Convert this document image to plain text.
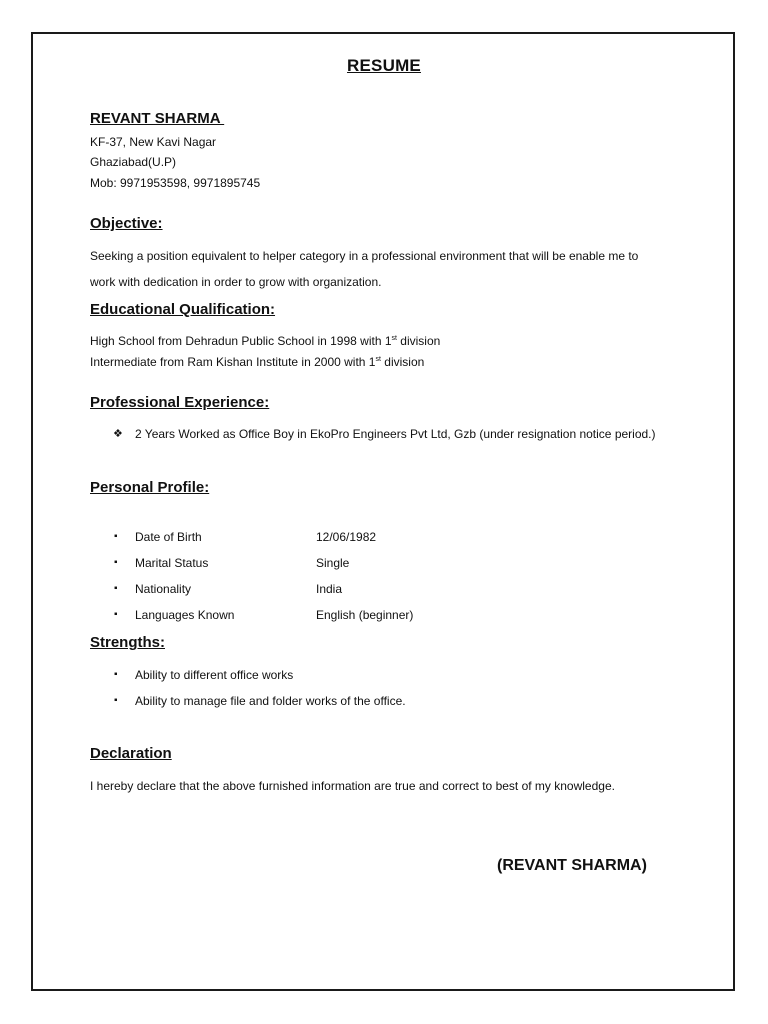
RESUME
REVANT SHARMA
KF-37, New Kavi Nagar
Ghaziabad(U.P)
Mob: 9971953598, 9971895745
Objective:
Seeking a position equivalent to helper category in a professional environment that will be enable me to
work with dedication in order to grow with organization.
Educational Qualification:
High School from Dehradun Public School in 1998 with 1st division
Intermediate from Ram Kishan Institute in 2000 with 1st division
Professional Experience:
❖ 2 Years Worked as Office Boy in EkoPro Engineers Pvt Ltd, Gzb (under resignation notice period.)
Personal Profile:
▪ Date of Birth	12/06/1982
▪ Marital Status	Single
▪ Nationality	India
▪ Languages Known	English (beginner)
Strengths:
▪ Ability to different office works
▪ Ability to manage file and folder works of the office.
Declaration
I hereby declare that the above furnished information are true and correct to best of my knowledge.
(REVANT SHARMA)
